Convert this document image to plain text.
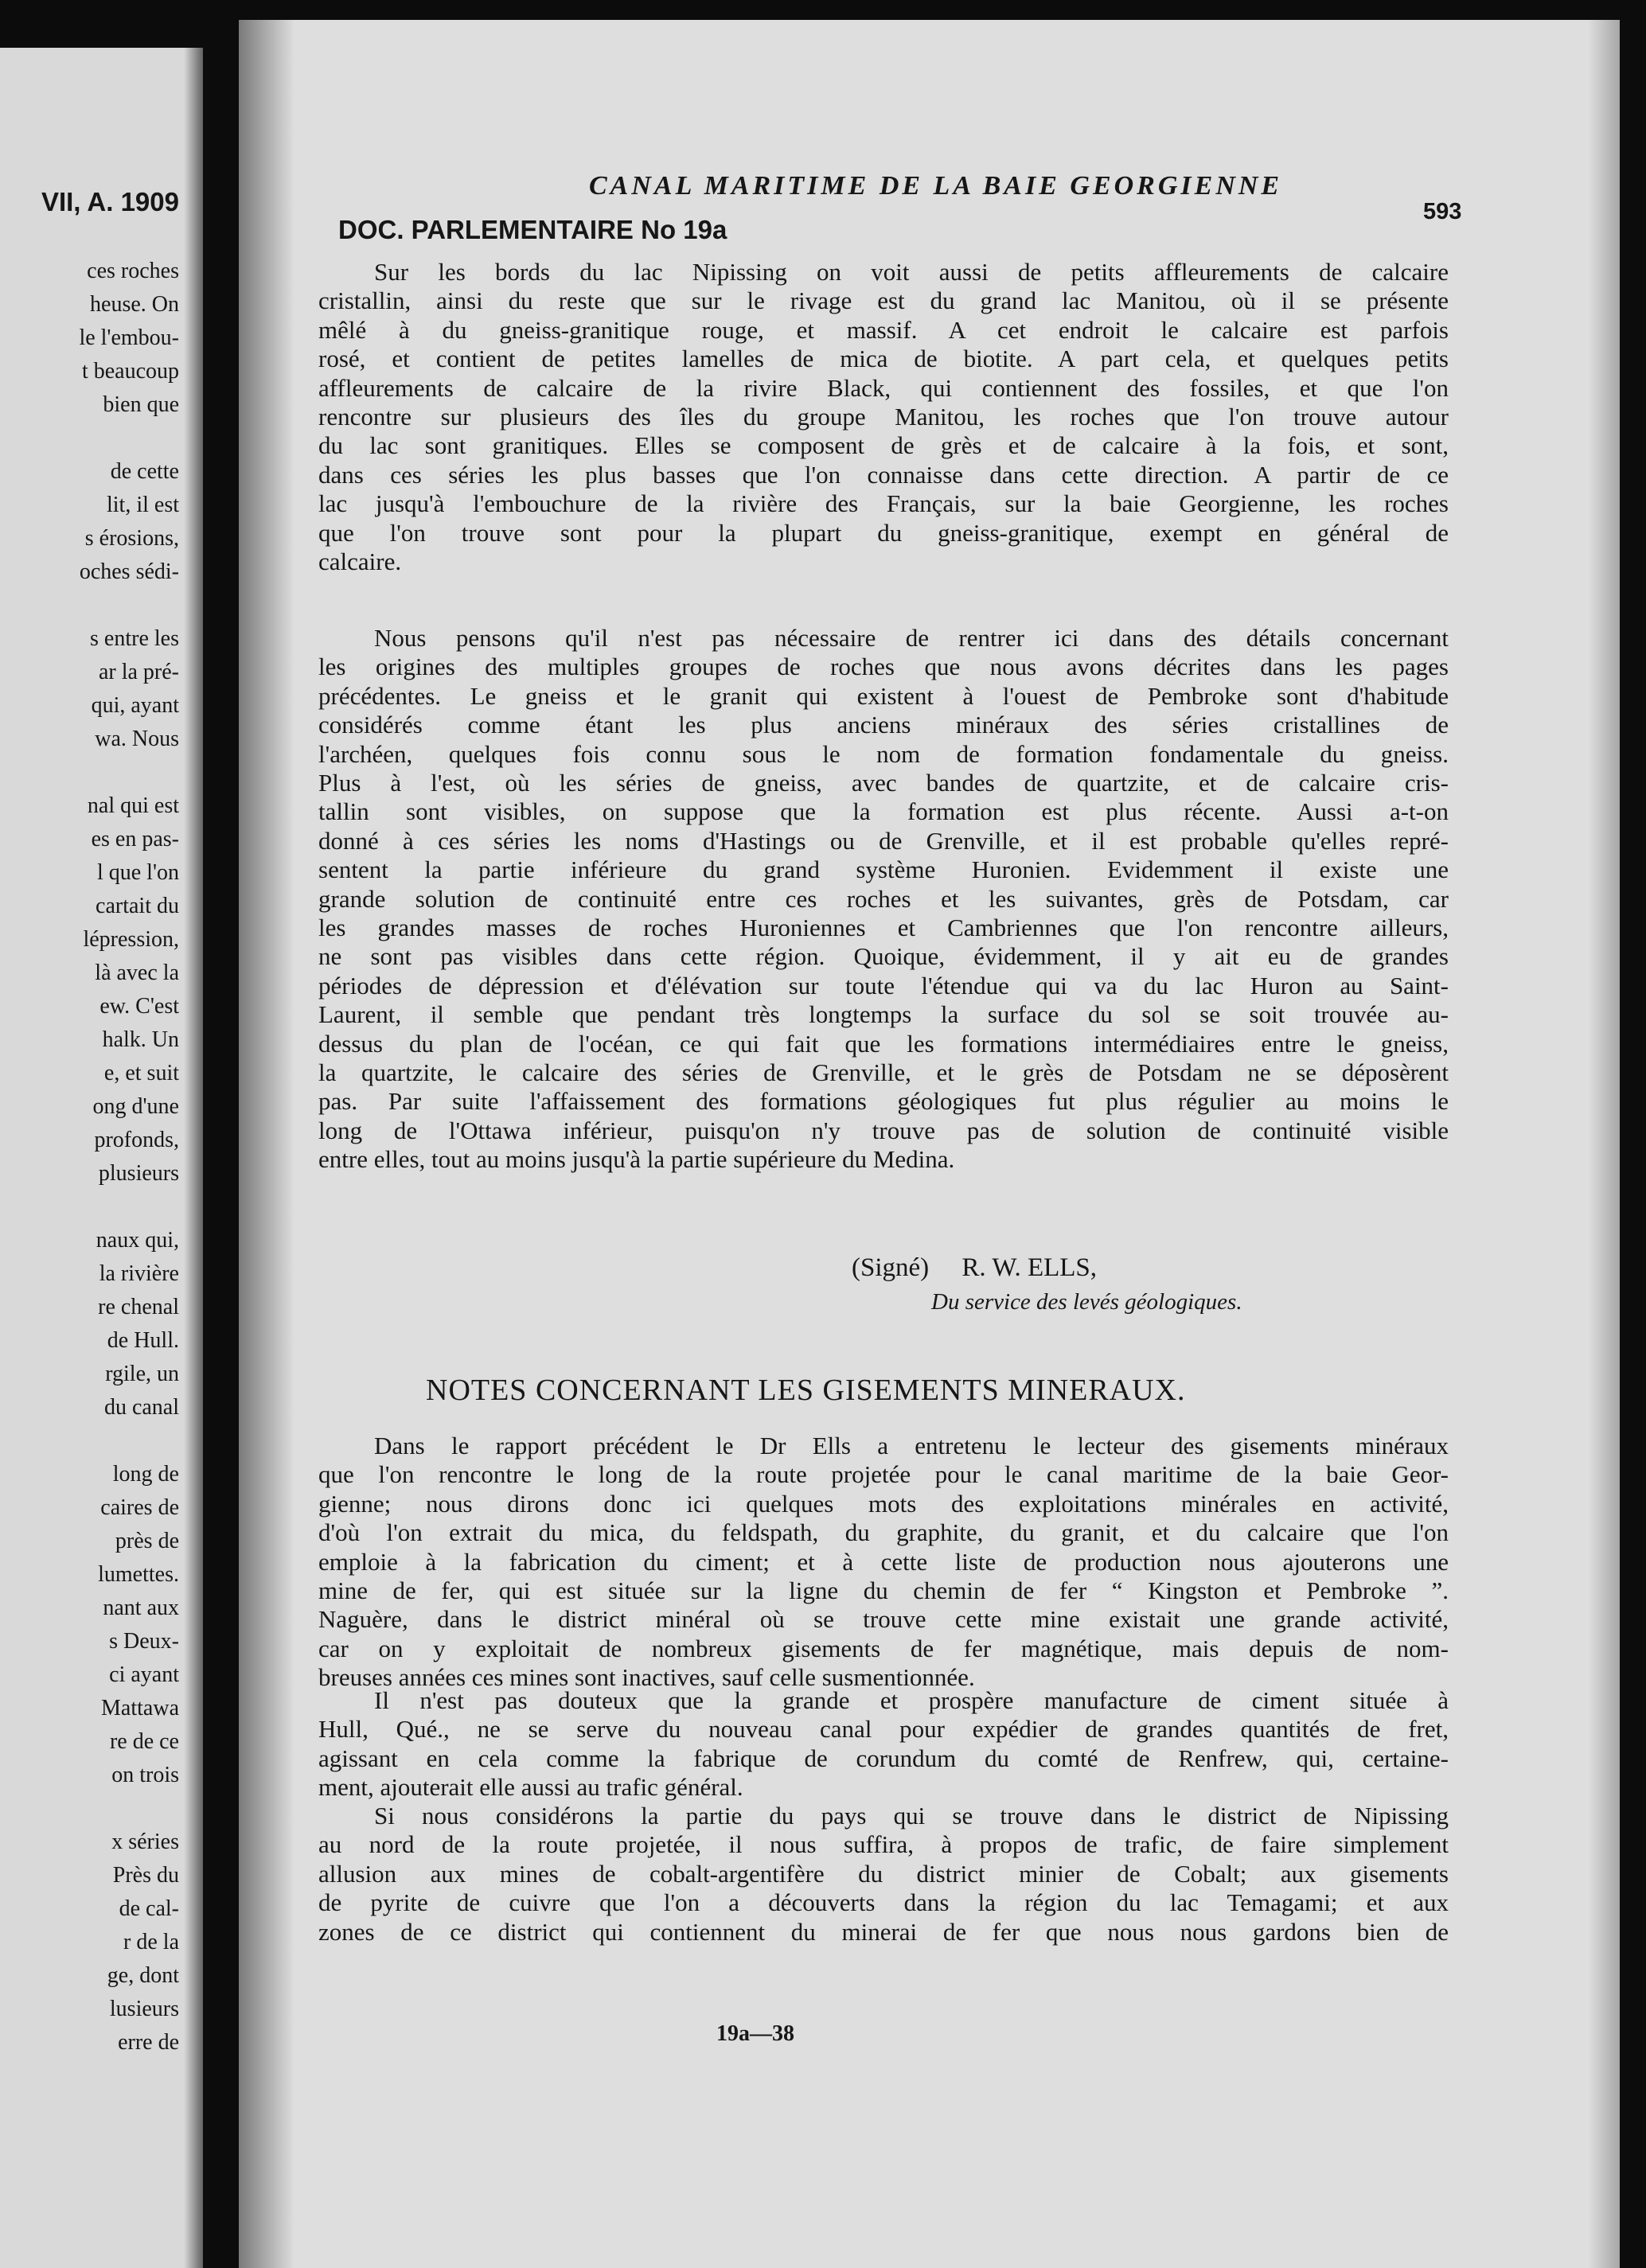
VII, A. 1909
ces roches
heuse. On
le l'embou-
t beaucoup
bien que
de cette
lit, il est
s érosions,
oches sédi-
s entre les
ar la pré-
qui, ayant
wa. Nous
nal qui est
es en pas-
l que l'on
cartait du
lépression,
là avec la
ew. C'est
halk. Un
e, et suit
ong d'une
profonds,
plusieurs
naux qui,
la rivière
re chenal
de Hull.
rgile, un
du canal
long de
caires de
près de
lumettes.
nant aux
s Deux-
ci ayant
Mattawa
re de ce
on trois
x séries
Près du
de cal-
r de la
ge, dont
lusieurs
erre de
CANAL MARITIME DE LA BAIE GEORGIENNE
DOC. PARLEMENTAIRE No 19a
593
Sur les bords du lac Nipissing on voit aussi de petits affleurements de calcaire
cristallin, ainsi du reste que sur le rivage est du grand lac Manitou, où il se présente
mêlé à du gneiss-granitique rouge, et massif. A cet endroit le calcaire est parfois
rosé, et contient de petites lamelles de mica de biotite. A part cela, et quelques petits
affleurements de calcaire de la rivire Black, qui contiennent des fossiles, et que l'on
rencontre sur plusieurs des îles du groupe Manitou, les roches que l'on trouve autour
du lac sont granitiques. Elles se composent de grès et de calcaire à la fois, et sont,
dans ces séries les plus basses que l'on connaisse dans cette direction. A partir de ce
lac jusqu'à l'embouchure de la rivière des Français, sur la baie Georgienne, les roches
que l'on trouve sont pour la plupart du gneiss-granitique, exempt en général de
calcaire.
Nous pensons qu'il n'est pas nécessaire de rentrer ici dans des détails concernant
les origines des multiples groupes de roches que nous avons décrites dans les pages
précédentes. Le gneiss et le granit qui existent à l'ouest de Pembroke sont d'habitude
considérés comme étant les plus anciens minéraux des séries cristallines de
l'archéen, quelques fois connu sous le nom de formation fondamentale du gneiss.
Plus à l'est, où les séries de gneiss, avec bandes de quartzite, et de calcaire cris-
tallin sont visibles, on suppose que la formation est plus récente. Aussi a-t-on
donné à ces séries les noms d'Hastings ou de Grenville, et il est probable qu'elles repré-
sentent la partie inférieure du grand système Huronien. Evidemment il existe une
grande solution de continuité entre ces roches et les suivantes, grès de Potsdam, car
les grandes masses de roches Huroniennes et Cambriennes que l'on rencontre ailleurs,
ne sont pas visibles dans cette région. Quoique, évidemment, il y ait eu de grandes
périodes de dépression et d'élévation sur toute l'étendue qui va du lac Huron au Saint-
Laurent, il semble que pendant très longtemps la surface du sol se soit trouvée au-
dessus du plan de l'océan, ce qui fait que les formations intermédiaires entre le gneiss,
la quartzite, le calcaire des séries de Grenville, et le grès de Potsdam ne se déposèrent
pas. Par suite l'affaissement des formations géologiques fut plus régulier au moins le
long de l'Ottawa inférieur, puisqu'on n'y trouve pas de solution de continuité visible
entre elles, tout au moins jusqu'à la partie supérieure du Medina.
(Signé) R. W. ELLS,
Du service des levés géologiques.
NOTES CONCERNANT LES GISEMENTS MINERAUX.
Dans le rapport précédent le Dr Ells a entretenu le lecteur des gisements minéraux
que l'on rencontre le long de la route projetée pour le canal maritime de la baie Geor-
gienne; nous dirons donc ici quelques mots des exploitations minérales en activité,
d'où l'on extrait du mica, du feldspath, du graphite, du granit, et du calcaire que l'on
emploie à la fabrication du ciment; et à cette liste de production nous ajouterons une
mine de fer, qui est située sur la ligne du chemin de fer “ Kingston et Pembroke ”.
Naguère, dans le district minéral où se trouve cette mine existait une grande activité,
car on y exploitait de nombreux gisements de fer magnétique, mais depuis de nom-
breuses années ces mines sont inactives, sauf celle susmentionnée.
Il n'est pas douteux que la grande et prospère manufacture de ciment située à
Hull, Qué., ne se serve du nouveau canal pour expédier de grandes quantités de fret,
agissant en cela comme la fabrique de corundum du comté de Renfrew, qui, certaine-
ment, ajouterait elle aussi au trafic général.
Si nous considérons la partie du pays qui se trouve dans le district de Nipissing
au nord de la route projetée, il nous suffira, à propos de trafic, de faire simplement
allusion aux mines de cobalt-argentifère du district minier de Cobalt; aux gisements
de pyrite de cuivre que l'on a découverts dans la région du lac Temagami; et aux
zones de ce district qui contiennent du minerai de fer que nous nous gardons bien de
19a—38
